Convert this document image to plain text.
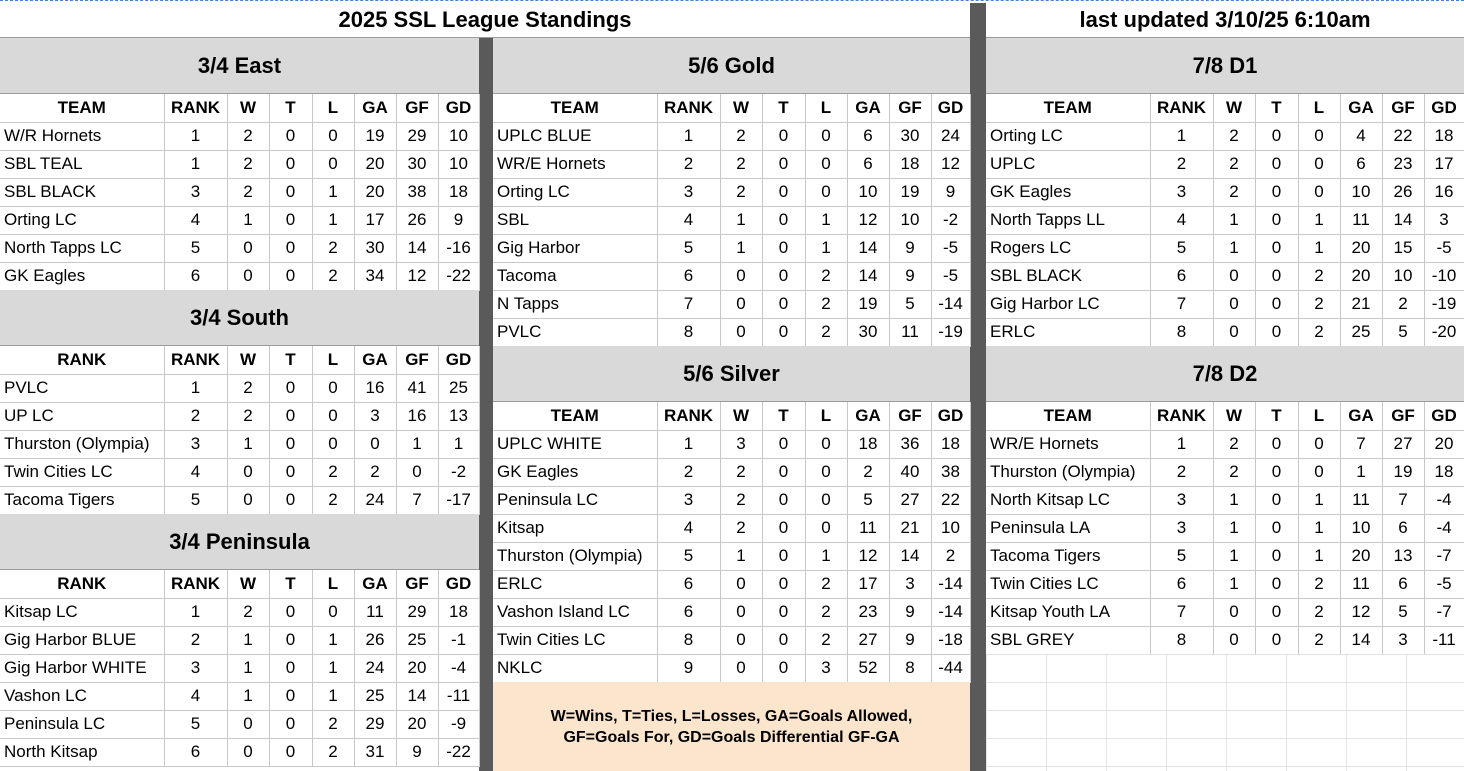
2025 SSL League Standings	last updated 3/10/25 6:10am
3/4 East
TEAM	RANK	W	T	L	GA	GF	GD
W/R Hornets	1	2	0	0	19	29	10
SBL TEAL	1	2	0	0	20	30	10
SBL BLACK	3	2	0	1	20	38	18
Orting LC	4	1	0	1	17	26	9
North Tapps LC	5	0	0	2	30	14	-16
GK Eagles	6	0	0	2	34	12	-22
3/4 South
RANK	RANK	W	T	L	GA	GF	GD
PVLC	1	2	0	0	16	41	25
UP LC	2	2	0	0	3	16	13
Thurston (Olympia)	3	1	0	0	0	1	1
Twin Cities LC	4	0	0	2	2	0	-2
Tacoma Tigers	5	0	0	2	24	7	-17
3/4 Peninsula
RANK	RANK	W	T	L	GA	GF	GD
Kitsap LC	1	2	0	0	11	29	18
Gig Harbor BLUE	2	1	0	1	26	25	-1
Gig Harbor WHITE	3	1	0	1	24	20	-4
Vashon LC	4	1	0	1	25	14	-11
Peninsula LC	5	0	0	2	29	20	-9
North Kitsap	6	0	0	2	31	9	-22
5/6 Gold
TEAM	RANK	W	T	L	GA	GF	GD
UPLC BLUE	1	2	0	0	6	30	24
WR/E Hornets	2	2	0	0	6	18	12
Orting LC	3	2	0	0	10	19	9
SBL	4	1	0	1	12	10	-2
Gig Harbor	5	1	0	1	14	9	-5
Tacoma	6	0	0	2	14	9	-5
N Tapps	7	0	0	2	19	5	-14
PVLC	8	0	0	2	30	11	-19
5/6 Silver
TEAM	RANK	W	T	L	GA	GF	GD
UPLC WHITE	1	3	0	0	18	36	18
GK Eagles	2	2	0	0	2	40	38
Peninsula LC	3	2	0	0	5	27	22
Kitsap	4	2	0	0	11	21	10
Thurston (Olympia)	5	1	0	1	12	14	2
ERLC	6	0	0	2	17	3	-14
Vashon Island LC	6	0	0	2	23	9	-14
Twin Cities LC	8	0	0	2	27	9	-18
NKLC	9	0	0	3	52	8	-44
W=Wins, T=Ties, L=Losses, GA=Goals Allowed,
GF=Goals For, GD=Goals Differential GF-GA
7/8 D1
TEAM	RANK	W	T	L	GA	GF	GD
Orting LC	1	2	0	0	4	22	18
UPLC	2	2	0	0	6	23	17
GK Eagles	3	2	0	0	10	26	16
North Tapps LL	4	1	0	1	11	14	3
Rogers LC	5	1	0	1	20	15	-5
SBL BLACK	6	0	0	2	20	10	-10
Gig Harbor LC	7	0	0	2	21	2	-19
ERLC	8	0	0	2	25	5	-20
7/8 D2
TEAM	RANK	W	T	L	GA	GF	GD
WR/E Hornets	1	2	0	0	7	27	20
Thurston (Olympia)	2	2	0	0	1	19	18
North Kitsap LC	3	1	0	1	11	7	-4
Peninsula LA	3	1	0	1	10	6	-4
Tacoma Tigers	5	1	0	1	20	13	-7
Twin Cities LC	6	1	0	2	11	6	-5
Kitsap Youth LA	7	0	0	2	12	5	-7
SBL GREY	8	0	0	2	14	3	-11
